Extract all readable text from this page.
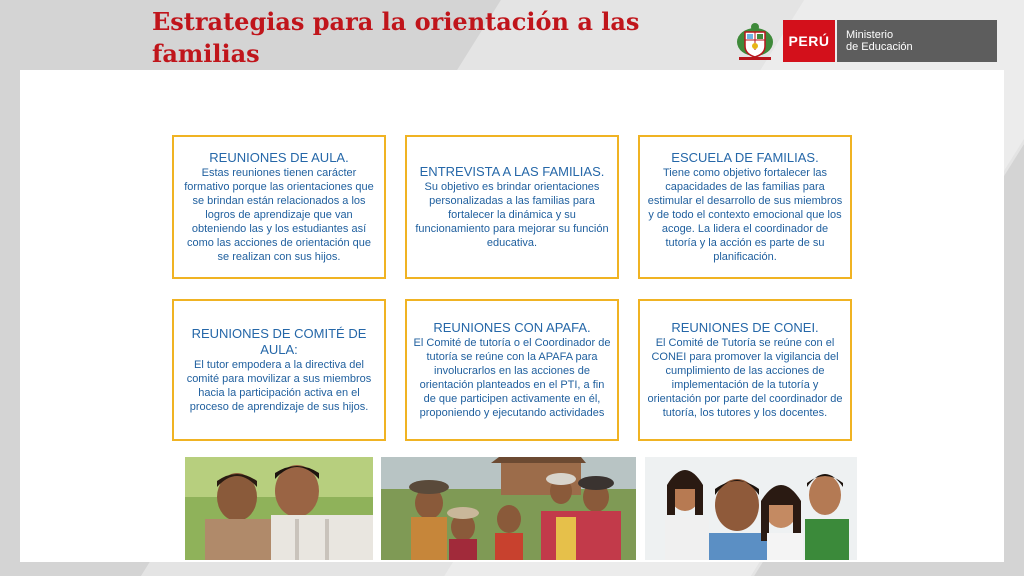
Estrategias para la orientación a las familias	PERÚ	Ministerio
de Educación
REUNIONES DE AULA.
Estas reuniones tienen carácter formativo porque las orientaciones que se brindan están relacionados a los logros de aprendizaje que van obteniendo las y los estudiantes así como las acciones de orientación que se realizan con sus hijos.
ENTREVISTA A LAS FAMILIAS.
Su objetivo es brindar orientaciones personalizadas a las familias para fortalecer la dinámica y su funcionamiento para mejorar su función educativa.
ESCUELA DE FAMILIAS.
Tiene como objetivo fortalecer las capacidades de las familias para estimular el desarrollo de sus miembros y de todo el contexto emocional que los acoge. La lidera el coordinador de tutoría y la acción es parte de su planificación.
REUNIONES DE COMITÉ DE AULA:
El tutor empodera a la directiva del comité para movilizar a sus miembros hacia la participación activa en el proceso de aprendizaje de sus hijos.
REUNIONES CON APAFA.
El Comité de tutoría o el Coordinador de tutoría se reúne con la APAFA para involucrarlos en las acciones de orientación planteados en el PTI, a fin de que participen activamente en él, proponiendo y ejecutando actividades
REUNIONES DE CONEI.
El Comité de Tutoría se reúne con el CONEI para promover la vigilancia del cumplimiento de las acciones de implementación de la tutoría y orientación por parte del coordinador de tutoría, los tutores y los docentes.
